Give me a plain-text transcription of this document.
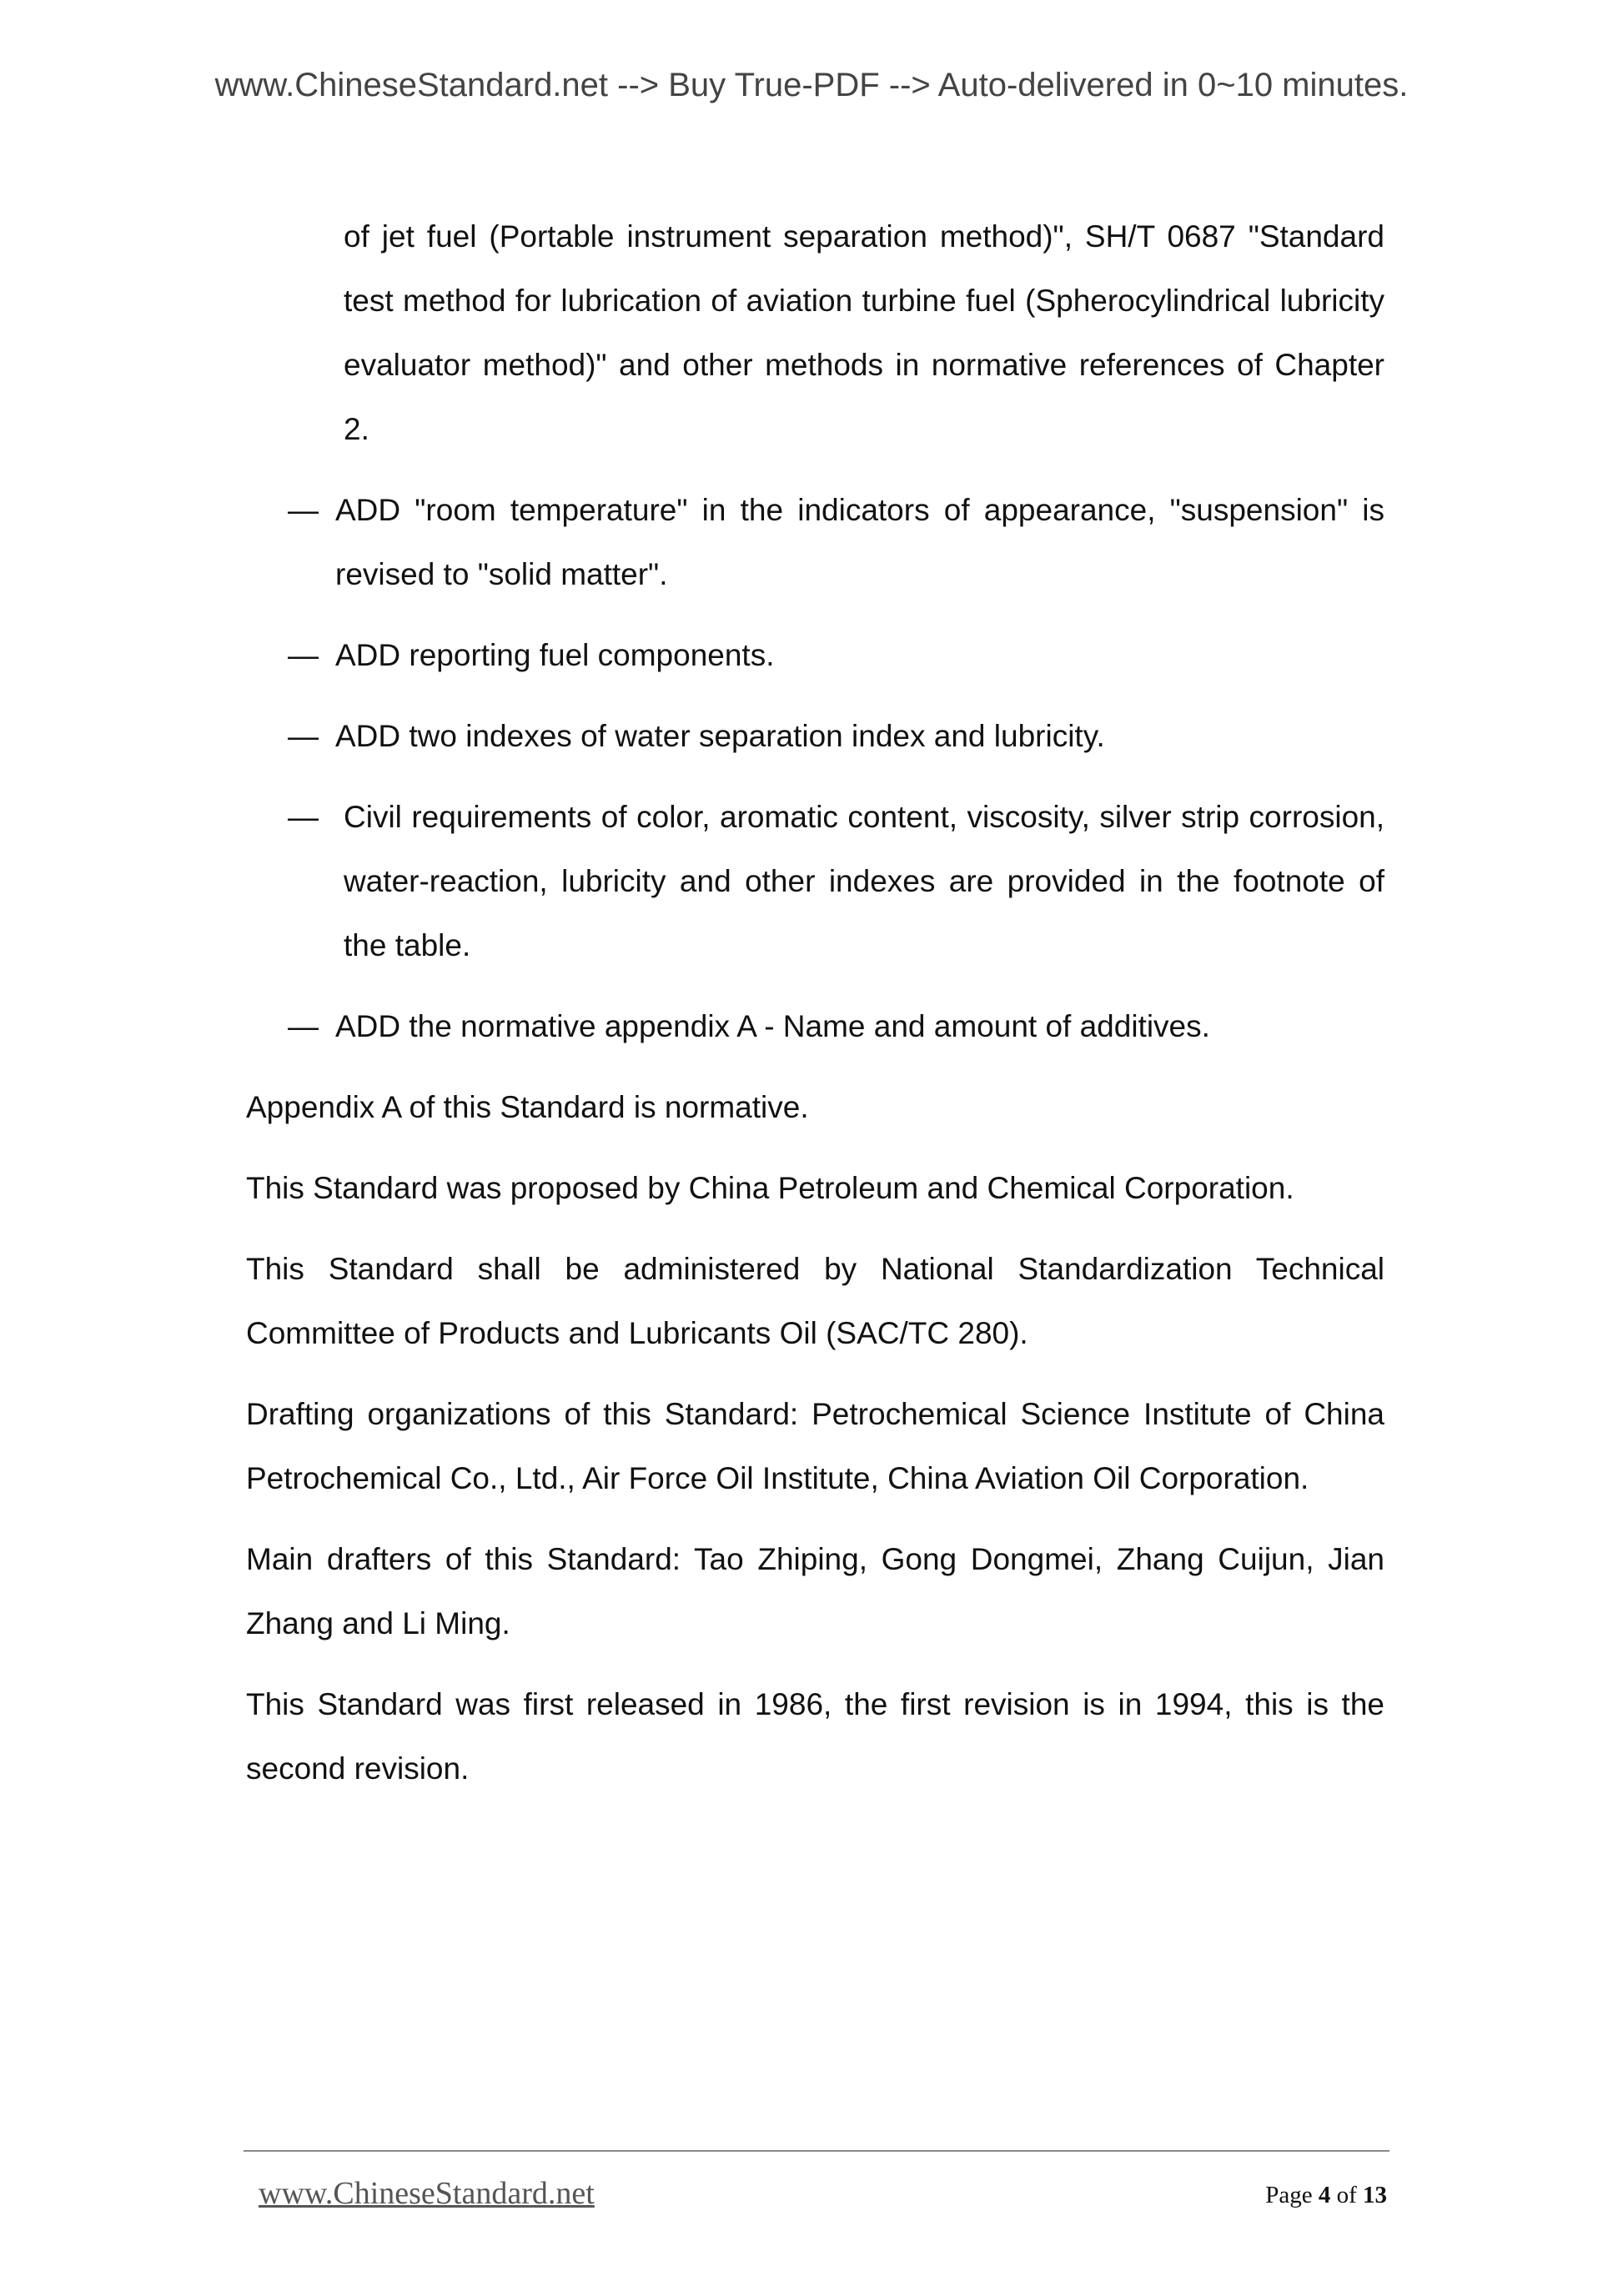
www.ChineseStandard.net --> Buy True-PDF --> Auto-delivered in 0~10 minutes.

of jet fuel (Portable instrument separation method)", SH/T 0687 "Standard test method for lubrication of aviation turbine fuel (Spherocylindrical lubricity evaluator method)" and other methods in normative references of Chapter 2.

— ADD "room temperature" in the indicators of appearance, "suspension" is revised to "solid matter".
— ADD reporting fuel components.
— ADD two indexes of water separation index and lubricity.
— Civil requirements of color, aromatic content, viscosity, silver strip corrosion, water-reaction, lubricity and other indexes are provided in the footnote of the table.
— ADD the normative appendix A - Name and amount of additives.

Appendix A of this Standard is normative.

This Standard was proposed by China Petroleum and Chemical Corporation.

This Standard shall be administered by National Standardization Technical Committee of Products and Lubricants Oil (SAC/TC 280).

Drafting organizations of this Standard: Petrochemical Science Institute of China Petrochemical Co., Ltd., Air Force Oil Institute, China Aviation Oil Corporation.

Main drafters of this Standard: Tao Zhiping, Gong Dongmei, Zhang Cuijun, Jian Zhang and Li Ming.

This Standard was first released in 1986, the first revision is in 1994, this is the second revision.

www.ChineseStandard.net	Page 4 of 13
